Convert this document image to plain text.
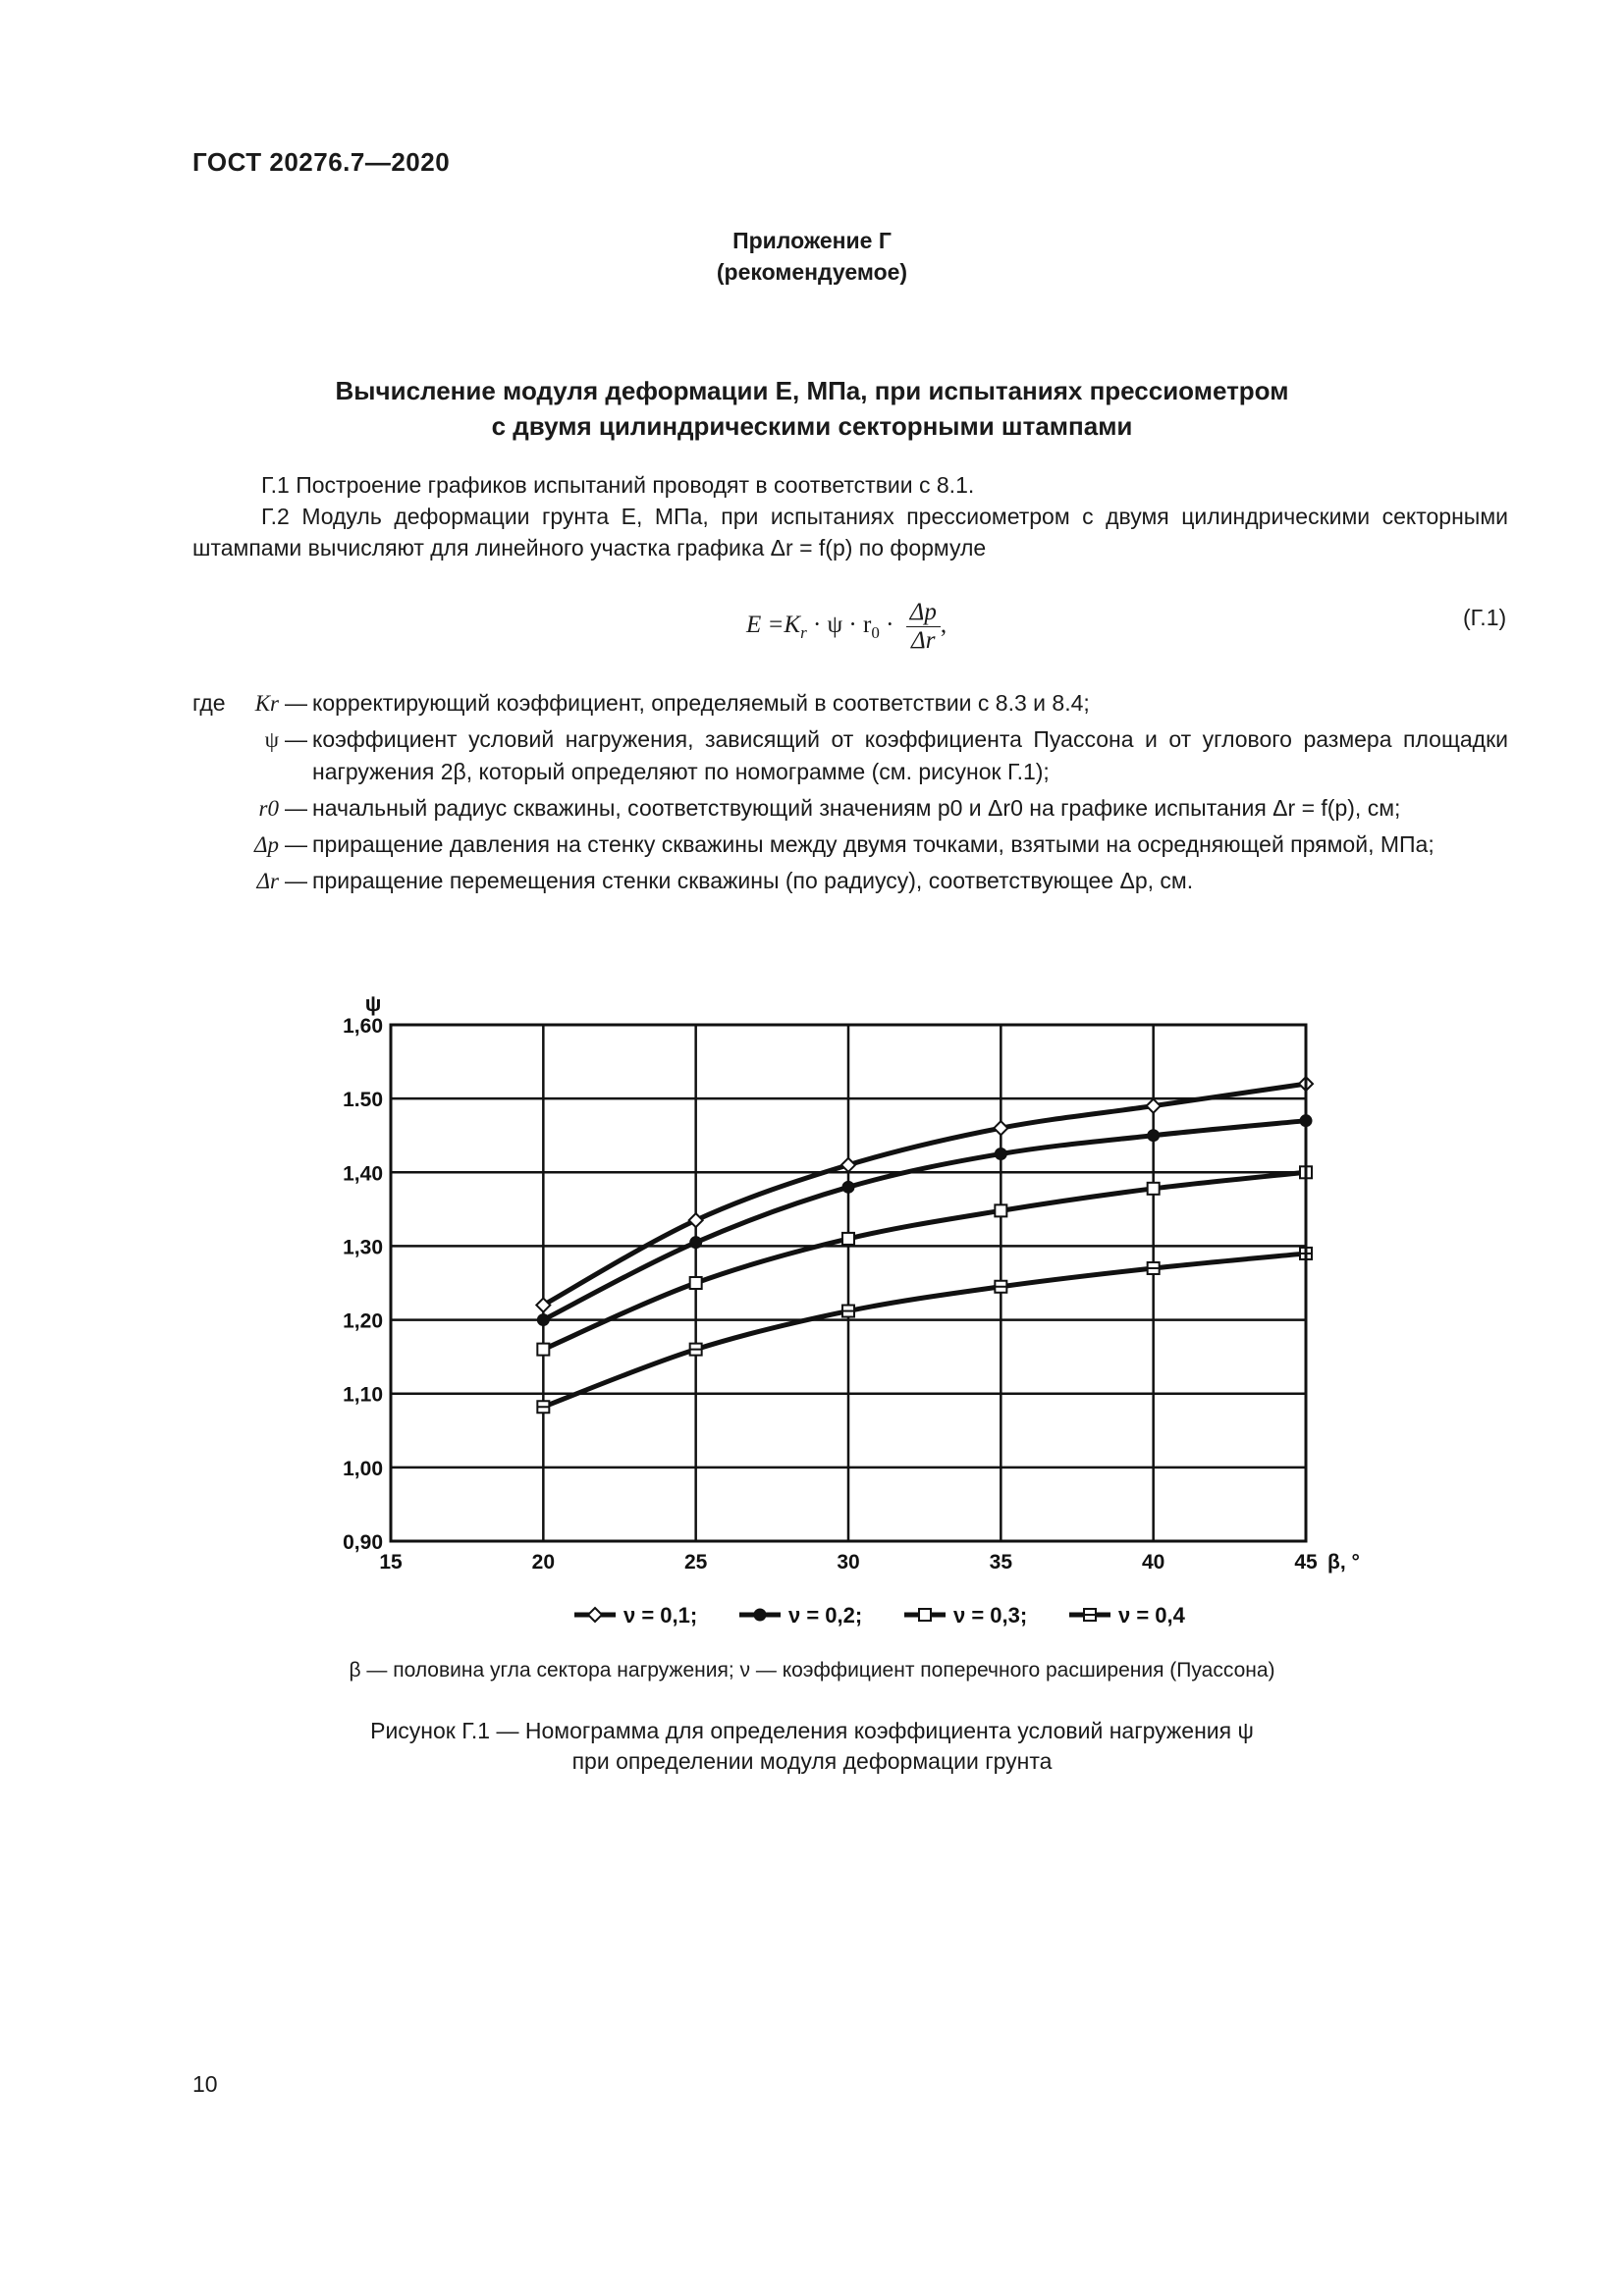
ГОСТ 20276.7—2020
Приложение Г
(рекомендуемое)
Вычисление модуля деформации E, МПа, при испытаниях прессиометром
с двумя цилиндрическими секторными штампами
Г.1 Построение графиков испытаний проводят в соответствии с 8.1.
Г.2 Модуль деформации грунта E, МПа, при испытаниях прессиометром с двумя цилиндрическими секторными штампами вычисляют для линейного участка графика Δr = f(p) по формуле
$E =K_r \cdot \psi \cdot r_0 \cdot \frac{\Delta p}{\Delta r}$ ,	(Г.1)
где	Kr — корректирующий коэффициент, определяемый в соответствии с 8.3 и 8.4;
ψ — коэффициент условий нагружения, зависящий от коэффициента Пуассона и от углового размера площадки нагружения 2β, который определяют по номограмме (см. рисунок Г.1);
r0 — начальный радиус скважины, соответствующий значениям p0 и Δr0 на графике испытания Δr = f(p), см;
Δp — приращение давления на стенку скважины между двумя точками, взятыми на осредняющей прямой, МПа;
Δr — приращение перемещения стенки скважины (по радиусу), соответствующее Δp, см.
15	20	25	30	35	40	45
0,90
1,00
1,10
1,20
1,30
1,40
1.50
1,60
ψ
β, °
ν = 0,1;	ν = 0,2;	ν = 0,3;	ν = 0,4
β — половина угла сектора нагружения; ν — коэффициент поперечного расширения (Пуассона)
Рисунок Г.1 — Номограмма для определения коэффициента условий нагружения ψ
при определении модуля деформации грунта
10
